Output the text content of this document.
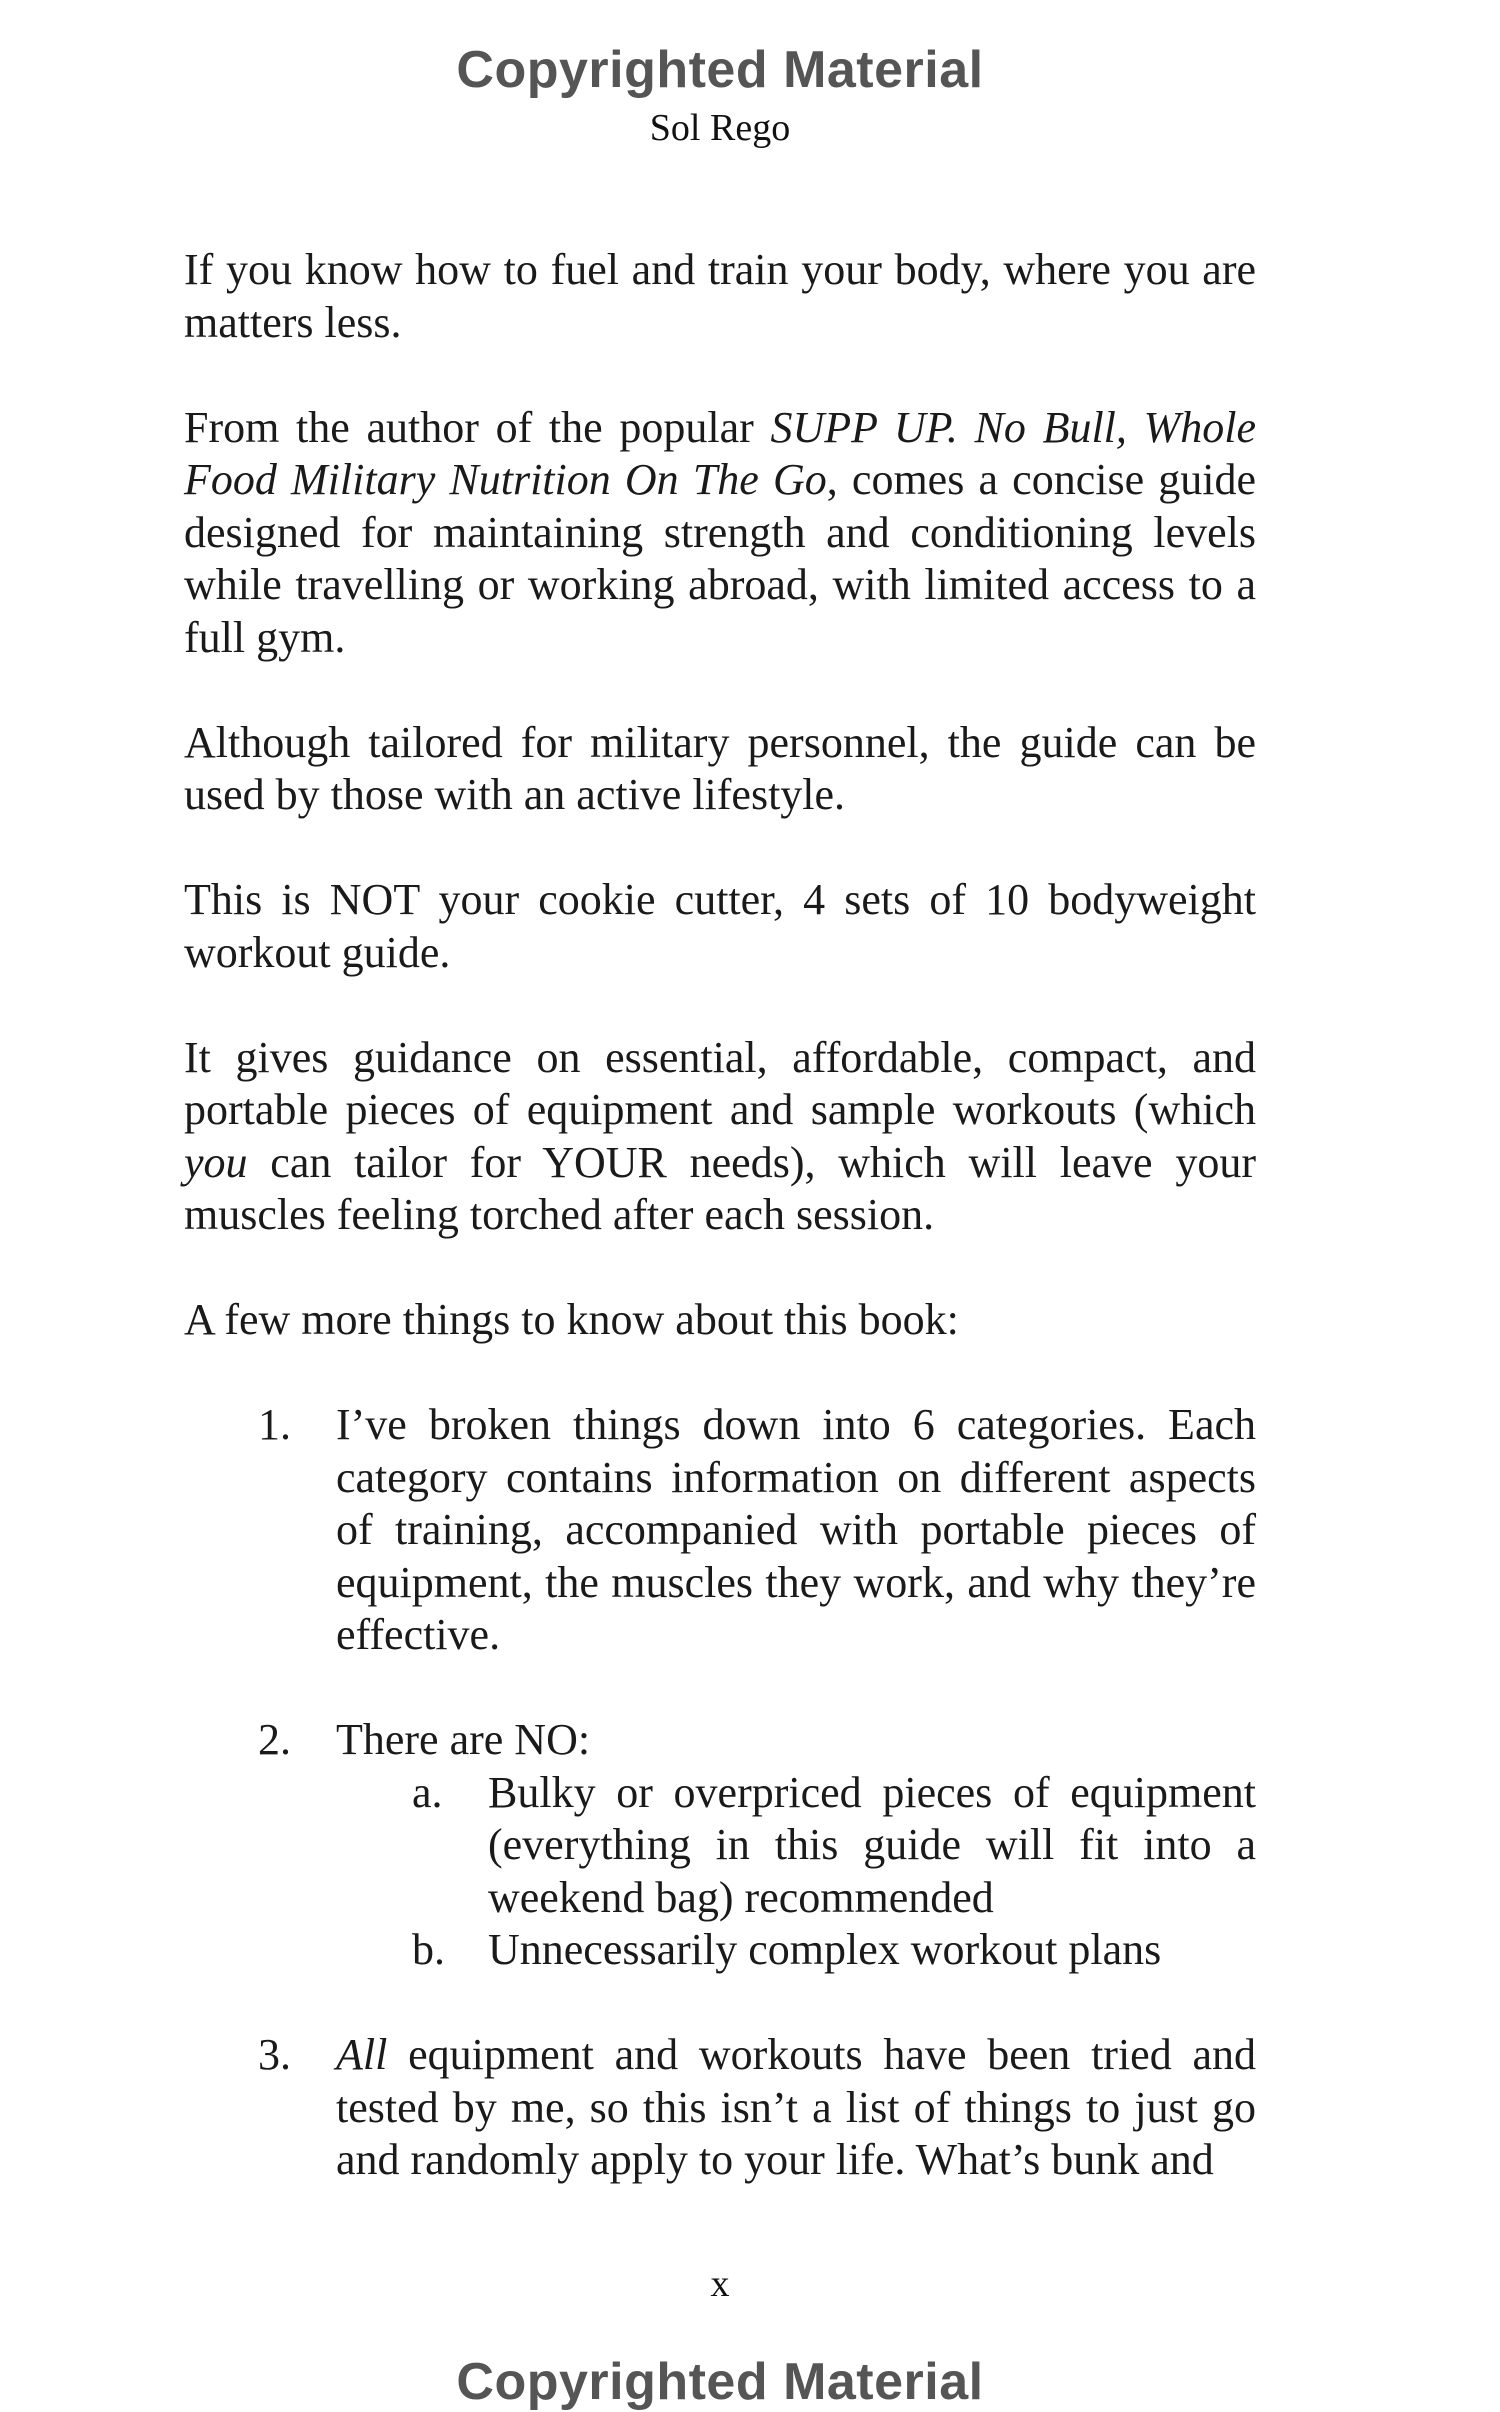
Copyrighted Material
Sol Rego

If you know how to fuel and train your body, where you are matters less.

From the author of the popular SUPP UP. No Bull, Whole Food Military Nutrition On The Go, comes a concise guide designed for maintaining strength and conditioning levels while travelling or working abroad, with limited access to a full gym.

Although tailored for military personnel, the guide can be used by those with an active lifestyle.

This is NOT your cookie cutter, 4 sets of 10 bodyweight workout guide.

It gives guidance on essential, affordable, compact, and portable pieces of equipment and sample workouts (which you can tailor for YOUR needs), which will leave your muscles feeling torched after each session.

A few more things to know about this book:

1. I’ve broken things down into 6 categories. Each category contains information on different aspects of training, accompanied with portable pieces of equipment, the muscles they work, and why they’re effective.
2. There are NO:
a. Bulky or overpriced pieces of equipment (everything in this guide will fit into a weekend bag) recommended
b. Unnecessarily complex workout plans
3. All equipment and workouts have been tried and tested by me, so this isn’t a list of things to just go and randomly apply to your life. What’s bunk and
x
Copyrighted Material
